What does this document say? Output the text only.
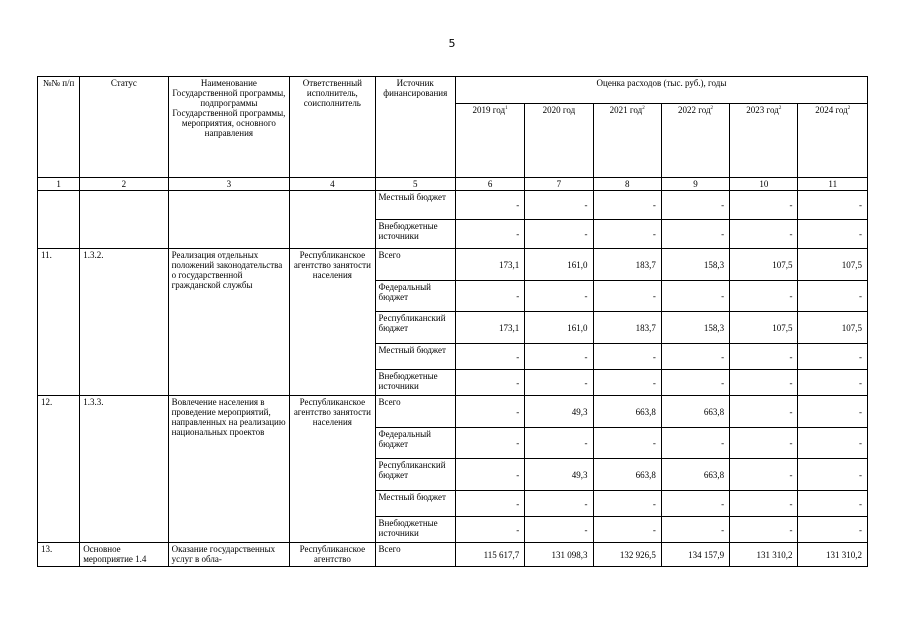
5
№№ п/п	Статус	Наименование Государственной программы, подпрограммы Государственной программы, мероприятия, основного направления	Ответственный исполнитель, соисполнитель	Источник финансирования	Оценка расходов (тыс. руб.), годы					
					2019 год$^1$	2020 год	2021 год$^2$	2022 год$^2$	2023 год$^2$	2024 год$^2$
1	2	3	4	5	6	7	8	9	10	11
				Местный бюджет	-	-	-	-	-	-
				Внебюджетные источники	-	-	-	-	-	-
11.	1.3.2.	Реализация отдельных положений законодательства о государственной гражданской службы	Республиканское агентство занятости населения	Всего	173,1	161,0	183,7	158,3	107,5	107,5
				Федеральный бюджет	-	-	-	-	-	-
				Республиканский бюджет	173,1	161,0	183,7	158,3	107,5	107,5
				Местный бюджет	-	-	-	-	-	-
				Внебюджетные источники	-	-	-	-	-	-
12.	1.3.3.	Вовлечение населения в проведение мероприятий, направленных на реализацию национальных проектов	Республиканское агентство занятости населения	Всего	-	49,3	663,8	663,8	-	-
				Федеральный бюджет	-	-	-	-	-	-
				Республиканский бюджет	-	49,3	663,8	663,8	-	-
				Местный бюджет	-	-	-	-	-	-
				Внебюджетные источники	-	-	-	-	-	-
13.	Основное мероприятие 1.4	Оказание государственных услуг в обла-	Республиканское агентство	Всего	115 617,7	131 098,3	132 926,5	134 157,9	131 310,2	131 310,2
